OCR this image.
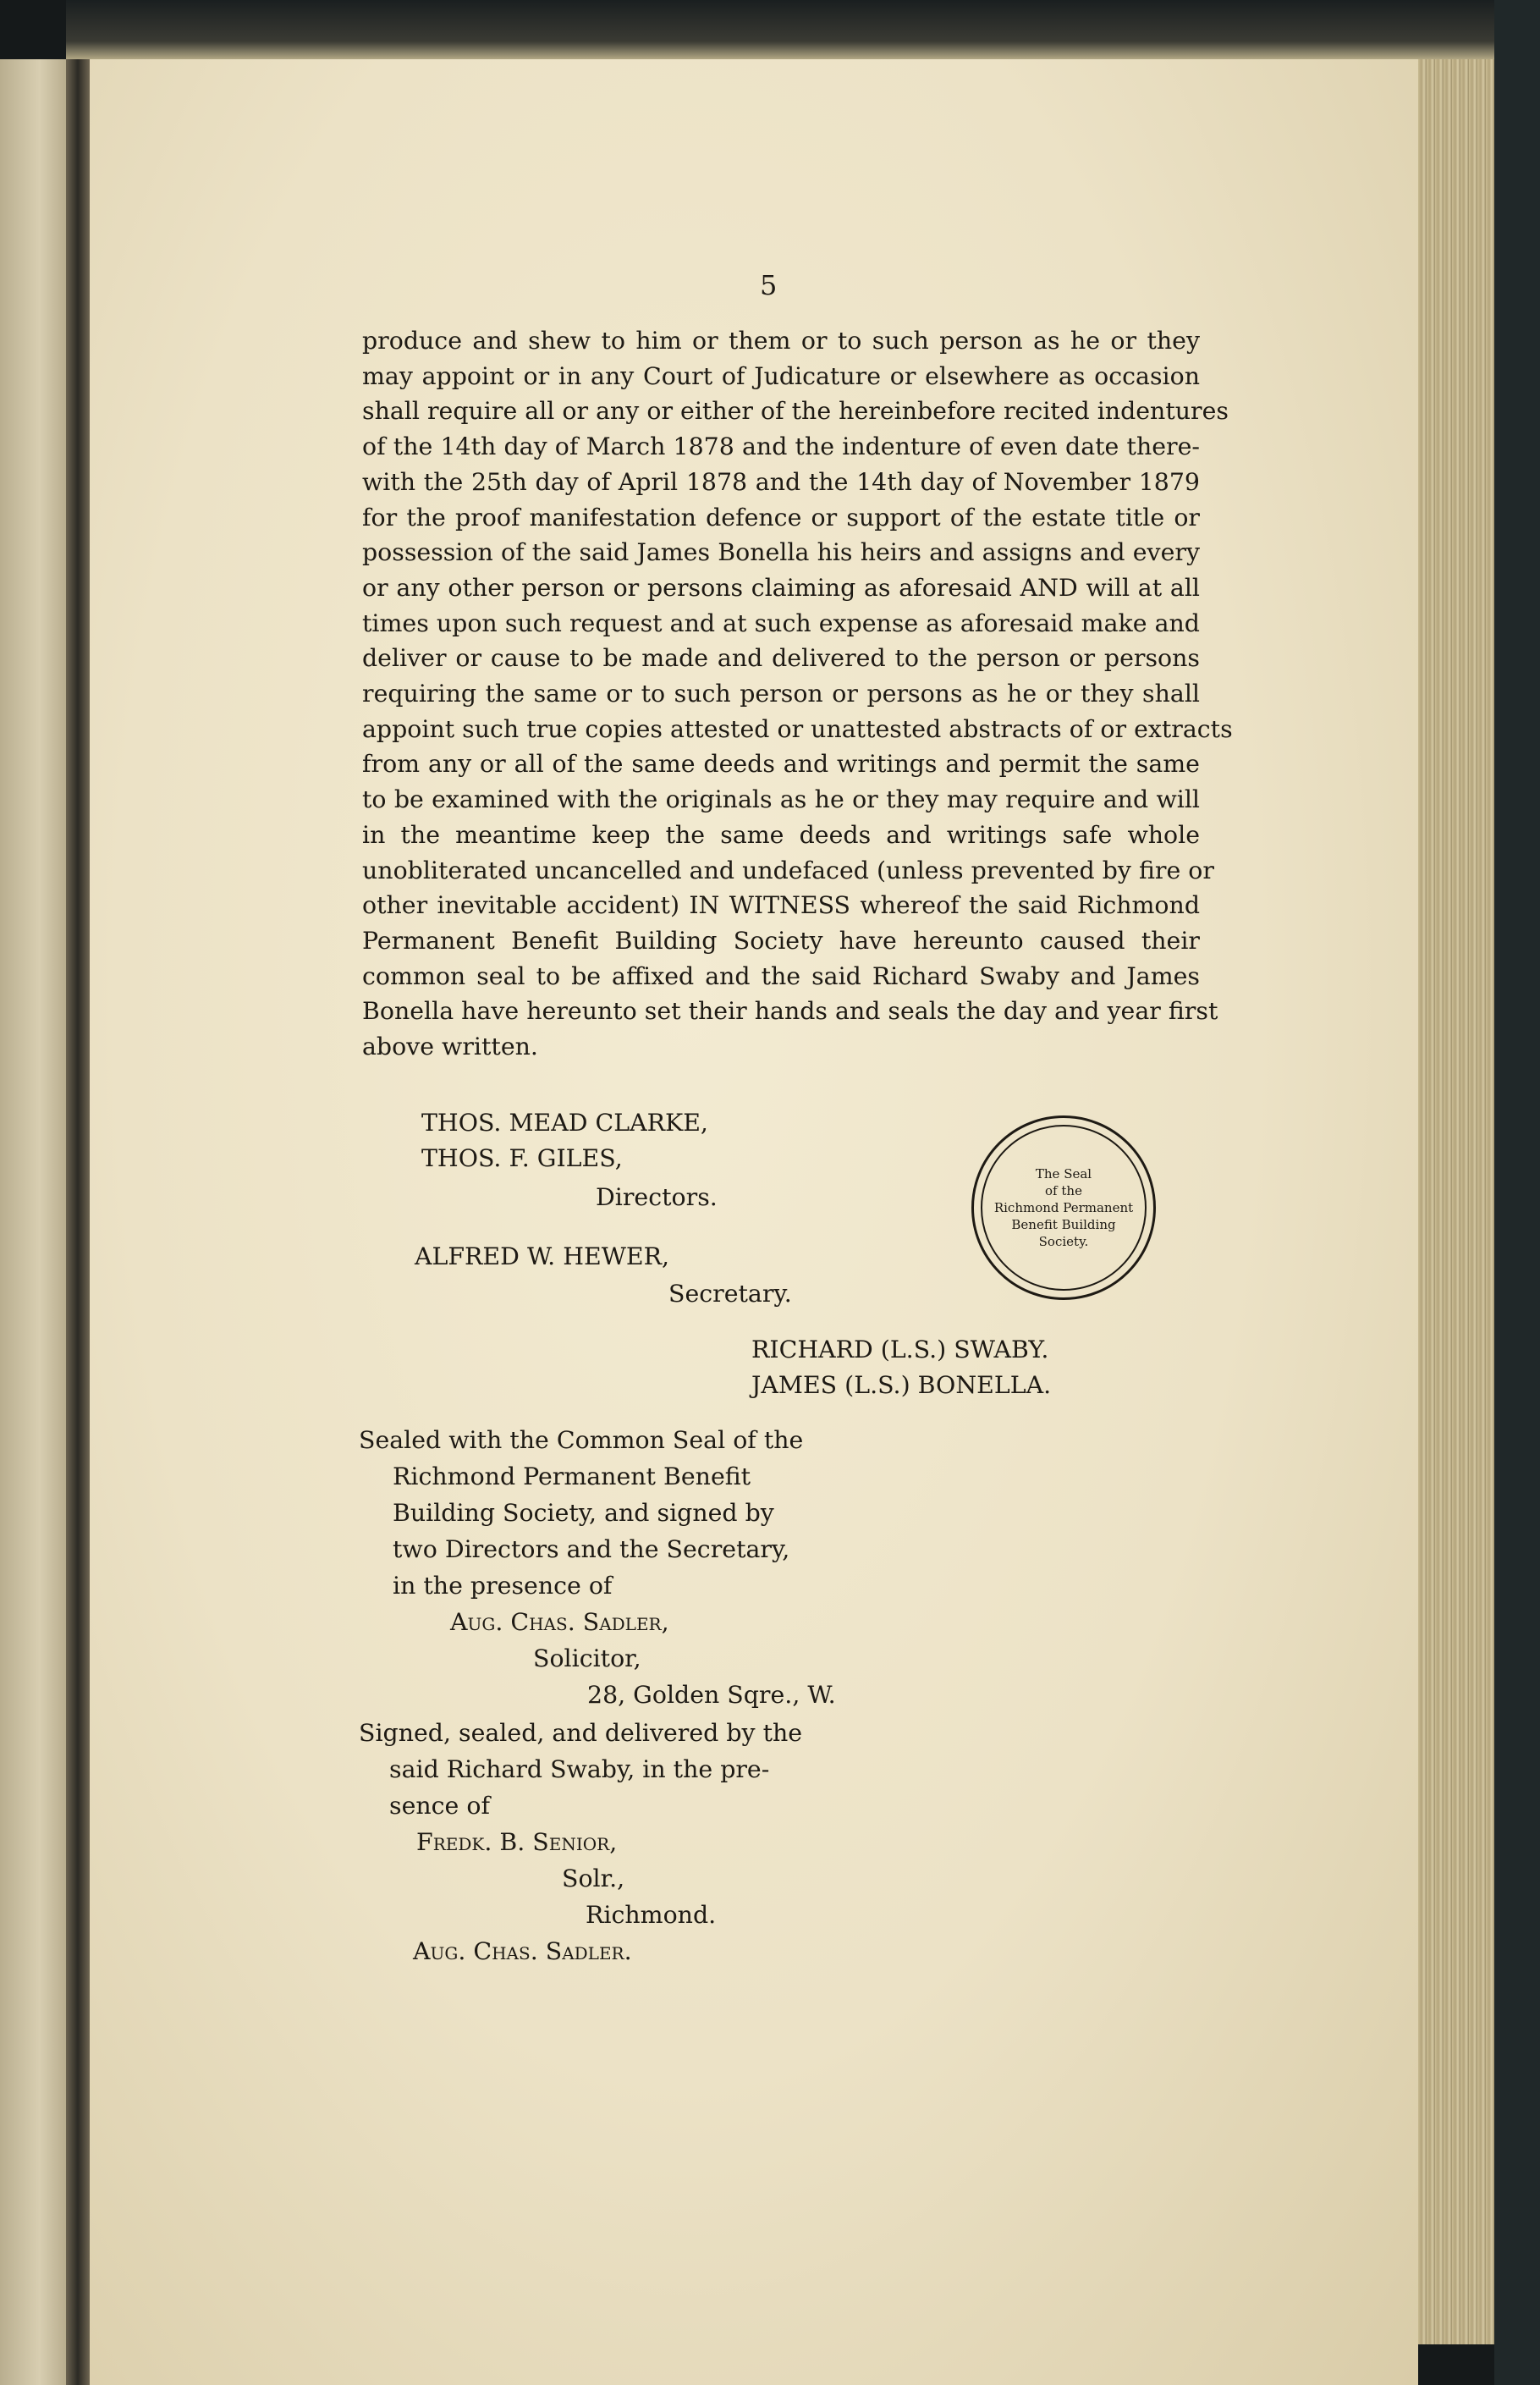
5
produce and shew to him or them or to such person as he or they
may appoint or in any Court of Judicature or elsewhere as occasion
shall require all or any or either of the hereinbefore recited indentures
of the 14th day of March 1878 and the indenture of even date there-
with the 25th day of April 1878 and the 14th day of November 1879
for the proof manifestation defence or support of the estate title or
possession of the said James Bonella his heirs and assigns and every
or any other person or persons claiming as aforesaid AND will at all
times upon such request and at such expense as aforesaid make and
deliver or cause to be made and delivered to the person or persons
requiring the same or to such person or persons as he or they shall
appoint such true copies attested or unattested abstracts of or extracts
from any or all of the same deeds and writings and permit the same
to be examined with the originals as he or they may require and will
in the meantime keep the same deeds and writings safe whole
unobliterated uncancelled and undefaced (unless prevented by fire or
other inevitable accident) IN WITNESS whereof the said Richmond
Permanent Benefit Building Society have hereunto caused their
common seal to be affixed and the said Richard Swaby and James
Bonella have hereunto set their hands and seals the day and year first
above written.
THOS. MEAD CLARKE,
THOS. F. GILES,
Directors.
ALFRED W. HEWER,
Secretary.
The Seal
of the
Richmond Permanent
Benefit Building
Society.
RICHARD (L.S.) SWABY.
JAMES (L.S.) BONELLA.
Sealed with the Common Seal of the
Richmond Permanent Benefit
Building Society, and signed by
two Directors and the Secretary,
in the presence of
Aug. Chas. Sadler,
Solicitor,
28, Golden Sqre., W.
Signed, sealed, and delivered by the
said Richard Swaby, in the pre-
sence of
Fredk. B. Senior,
Solr.,
Richmond.
Aug. Chas. Sadler.
